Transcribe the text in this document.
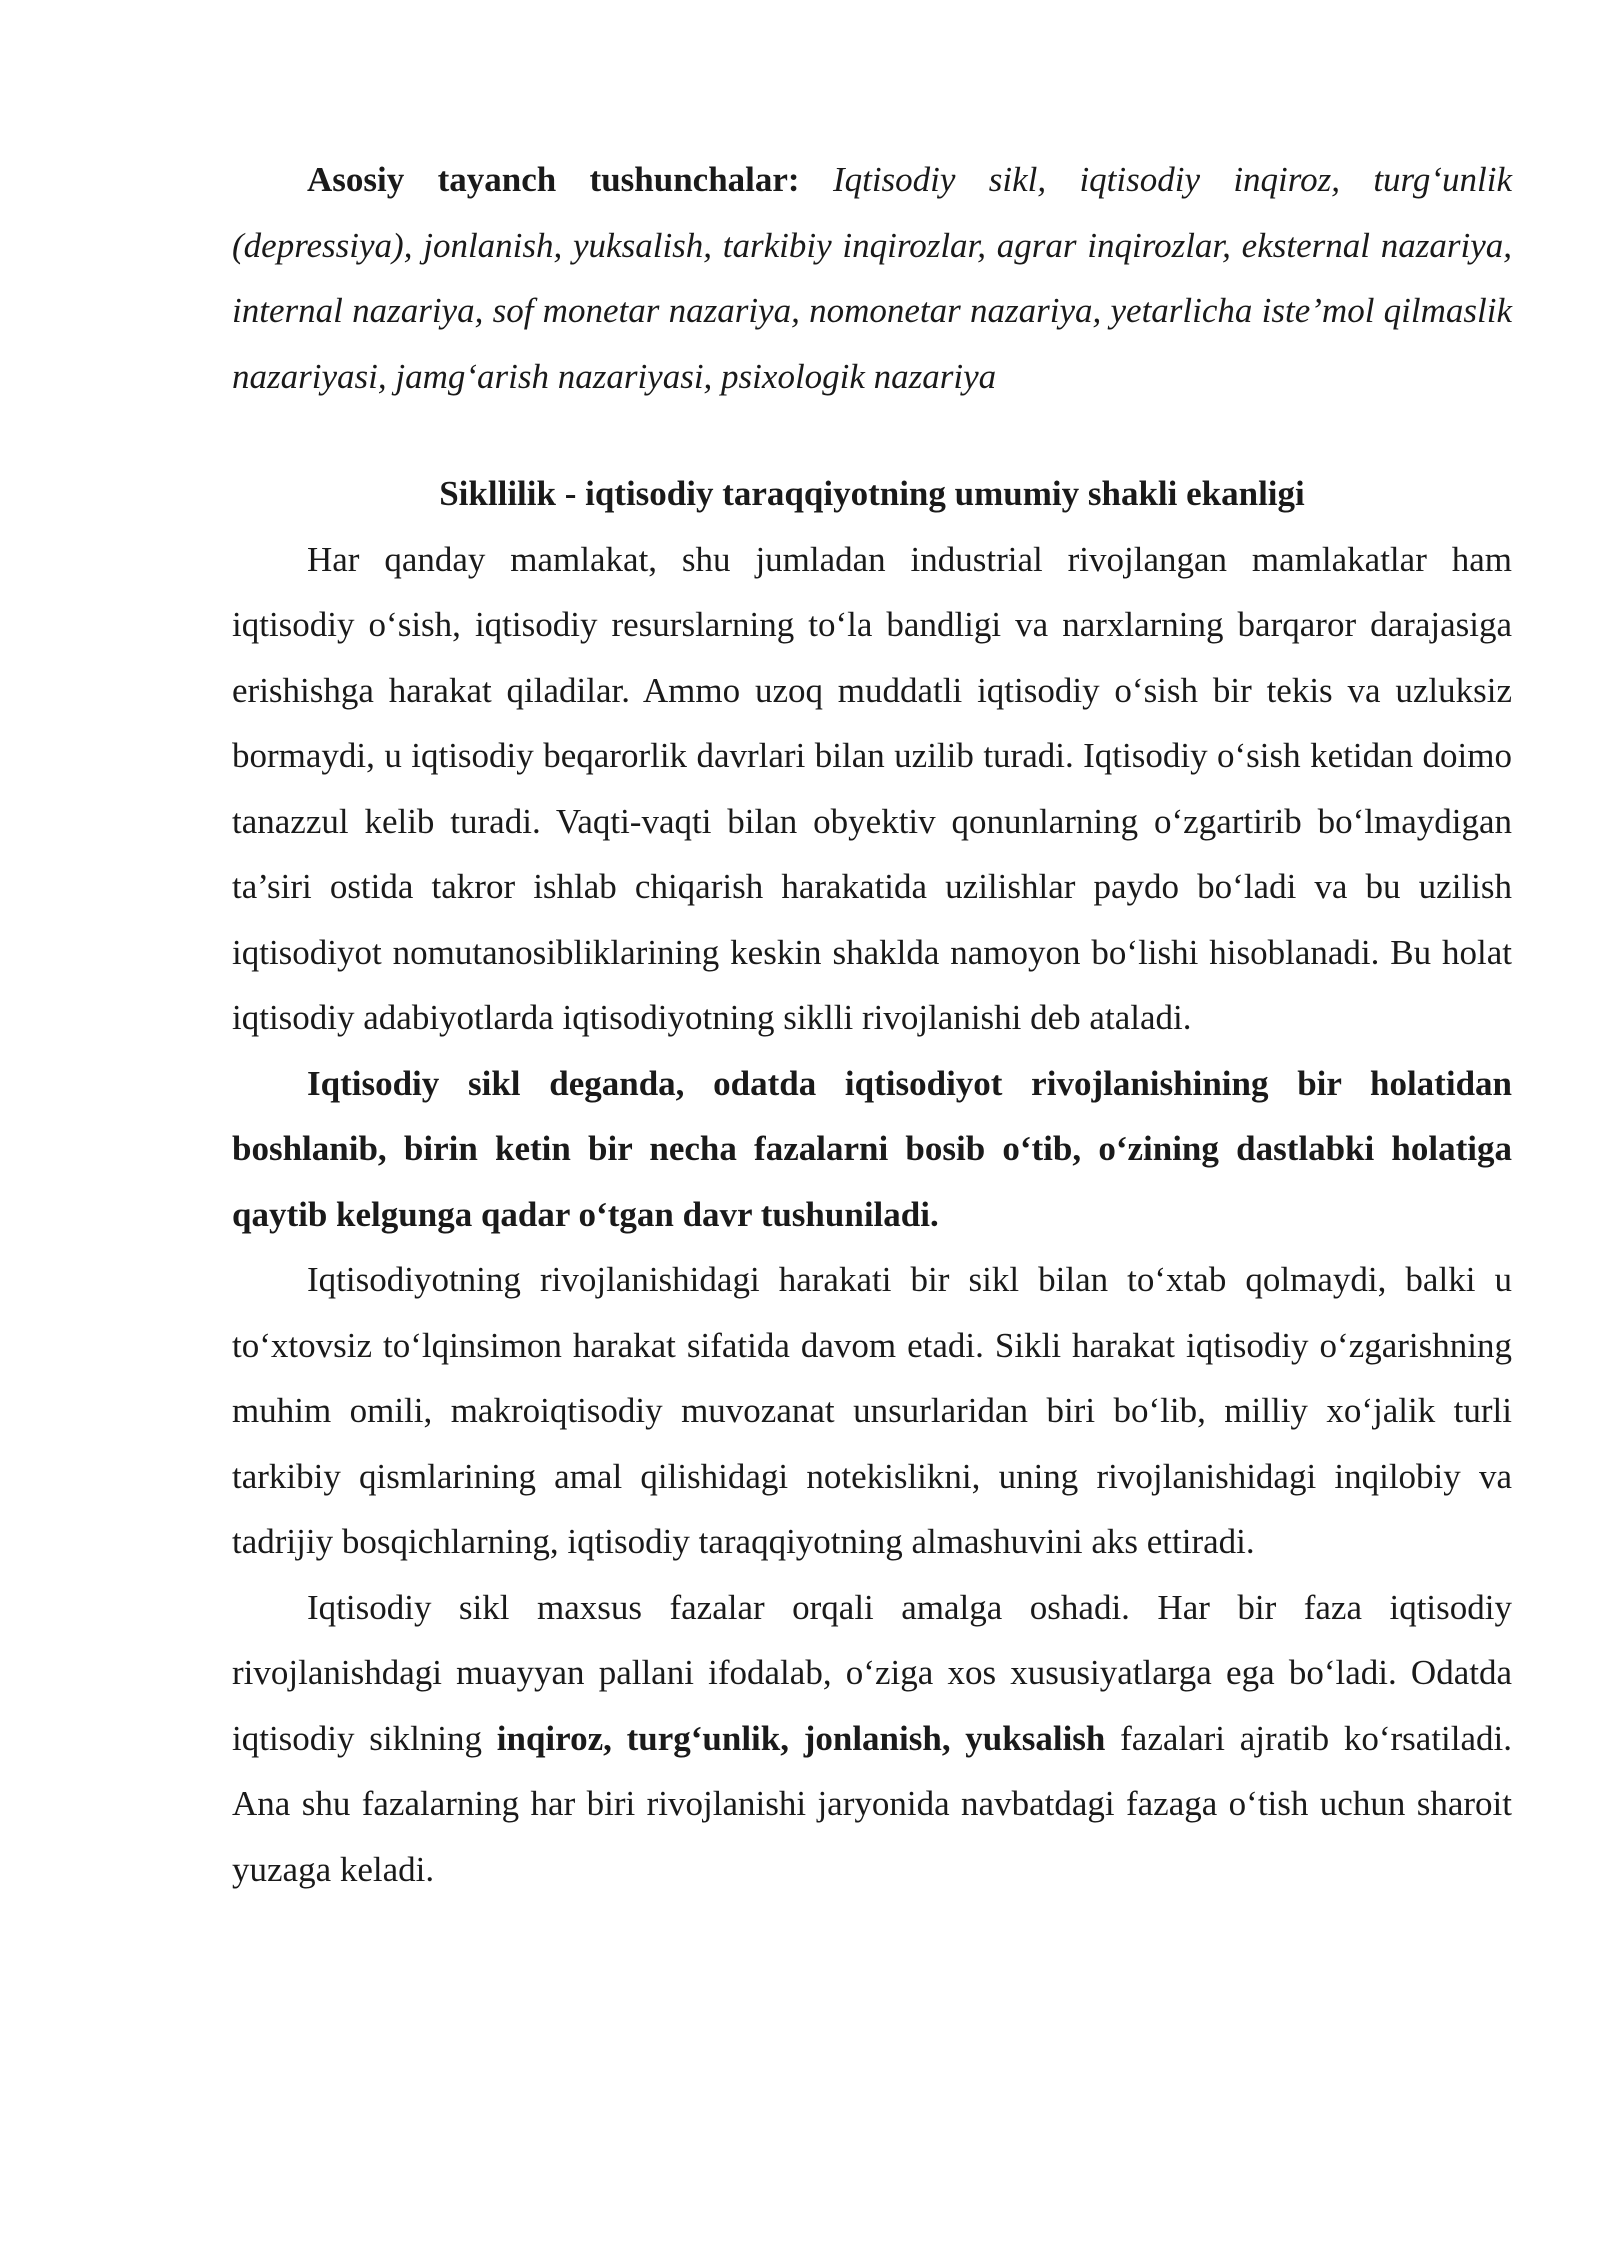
Asosiy tayanch tushunchalar: Iqtisodiy sikl, iqtisodiy inqiroz, turg‘unlik (depressiya), jonlanish, yuksalish, tarkibiy inqirozlar, agrar inqirozlar, eksternal nazariya, internal nazariya, sof monetar nazariya, nomonetar nazariya, yetarlicha iste’mol qilmaslik nazariyasi, jamg‘arish nazariyasi, psixologik nazariya

Sikllilik - iqtisodiy taraqqiyotning umumiy shakli ekanligi

Har qanday mamlakat, shu jumladan industrial rivojlangan mamlakatlar ham iqtisodiy o‘sish, iqtisodiy resurslarning to‘la bandligi va narxlarning barqaror darajasiga erishishga harakat qiladilar. Ammo uzoq muddatli iqtisodiy o‘sish bir tekis va uzluksiz bormaydi, u iqtisodiy beqarorlik davrlari bilan uzilib turadi. Iqtisodiy o‘sish ketidan doimo tanazzul kelib turadi. Vaqti-vaqti bilan obyektiv qonunlarning o‘zgartirib bo‘lmaydigan ta’siri ostida takror ishlab chiqarish harakatida uzilishlar paydo bo‘ladi va bu uzilish iqtisodiyot nomutanosibliklarining keskin shaklda namoyon bo‘lishi hisoblanadi. Bu holat iqtisodiy adabiyotlarda iqtisodiyotning siklli rivojlanishi deb ataladi.

Iqtisodiy sikl deganda, odatda iqtisodiyot rivojlanishining bir holatidan boshlanib, birin ketin bir necha fazalarni bosib o‘tib, o‘zining dastlabki holatiga qaytib kelgunga qadar o‘tgan davr tushuniladi.

Iqtisodiyotning rivojlanishidagi harakati bir sikl bilan to‘xtab qolmaydi, balki u to‘xtovsiz to‘lqinsimon harakat sifatida davom etadi. Sikli harakat iqtisodiy o‘zgarishning muhim omili, makroiqtisodiy muvozanat unsurlaridan biri bo‘lib, milliy xo‘jalik turli tarkibiy qismlarining amal qilishidagi notekislikni, uning rivojlanishidagi inqilobiy va tadrijiy bosqichlarning, iqtisodiy taraqqiyotning almashuvini aks ettiradi.

Iqtisodiy sikl maxsus fazalar orqali amalga oshadi. Har bir faza iqtisodiy rivojlanishdagi muayyan pallani ifodalab, o‘ziga xos xususiyatlarga ega bo‘ladi. Odatda iqtisodiy siklning inqiroz, turg‘unlik, jonlanish, yuksalish fazalari ajratib ko‘rsatiladi. Ana shu fazalarning har biri rivojlanishi jaryonida navbatdagi fazaga o‘tish uchun sharoit yuzaga keladi.
